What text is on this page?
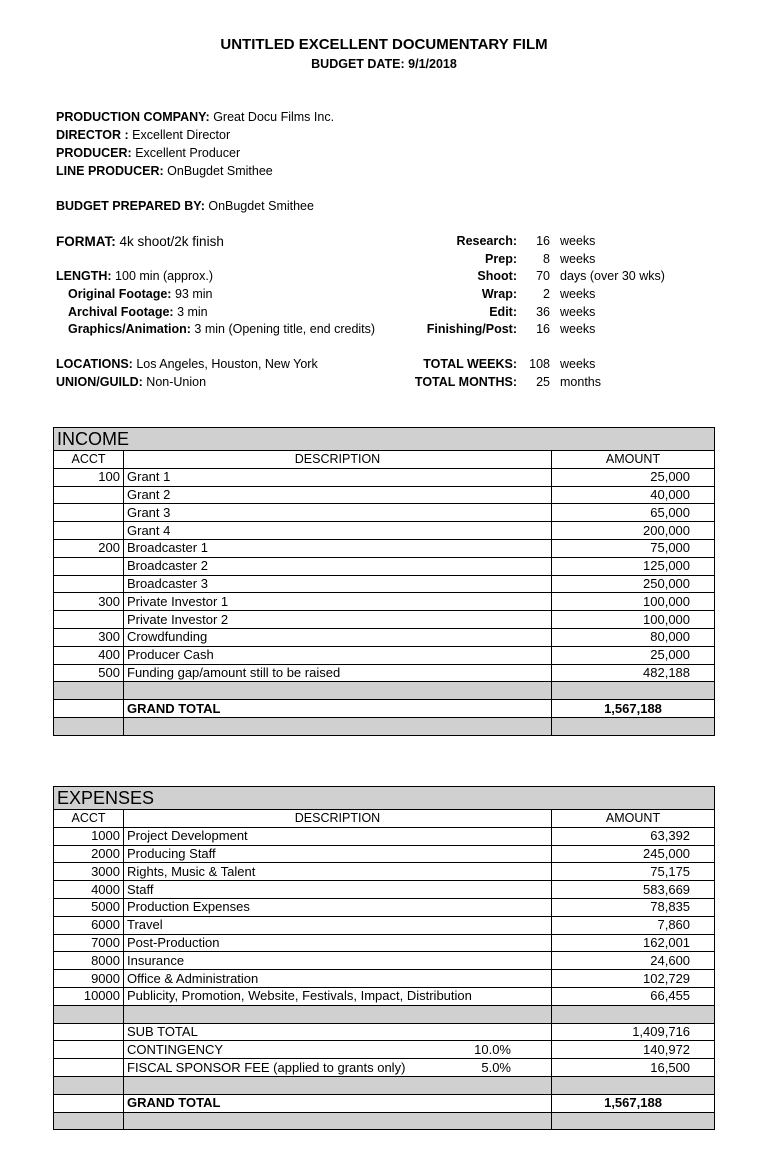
UNTITLED EXCELLENT DOCUMENTARY FILM
BUDGET DATE: 9/1/2018
PRODUCTION COMPANY: Great Docu Films Inc.
DIRECTOR : Excellent Director
PRODUCER: Excellent Producer
LINE PRODUCER: OnBugdet Smithee
BUDGET PREPARED BY: OnBugdet Smithee
FORMAT: 4k shoot/2k finish
LENGTH: 100 min (approx.)
Original Footage: 93 min
Archival Footage: 3 min
Graphics/Animation: 3 min (Opening title, end credits)
LOCATIONS: Los Angeles, Houston, New York
UNION/GUILD: Non-Union
Research:	16 weeks
Prep:	8 weeks
Shoot:	70 days (over 30 wks)
Wrap:	2 weeks
Edit:	36 weeks
Finishing/Post:	16 weeks
TOTAL WEEKS: 108 weeks
TOTAL MONTHS:	25 months
INCOME		
ACCT	DESCRIPTION	AMOUNT
100	Grant 1	25,000
	Grant 2	40,000
	Grant 3	65,000
	Grant 4	200,000
200	Broadcaster 1	75,000
	Broadcaster 2	125,000
	Broadcaster 3	250,000
300	Private Investor 1	100,000
	Private Investor 2	100,000
300	Crowdfunding	80,000
400	Producer Cash	25,000
500	Funding gap/amount still to be raised	482,188

	GRAND TOTAL	1,567,188

EXPENSES		
ACCT	DESCRIPTION	AMOUNT
1000	Project Development	63,392
2000	Producing Staff	245,000
3000	Rights, Music & Talent	75,175
4000	Staff	583,669
5000	Production Expenses	78,835
6000	Travel	7,860
7000	Post-Production	162,001
8000	Insurance	24,600
9000	Office & Administration	102,729
10000	Publicity, Promotion, Website, Festivals, Impact, Distribution	66,455

	SUB TOTAL	1,409,716

	CONTINGENCY 10.0%	140,972

	FISCAL SPONSOR FEE (applied to grants only) 5.0%	16,500

	GRAND TOTAL	1,567,188
